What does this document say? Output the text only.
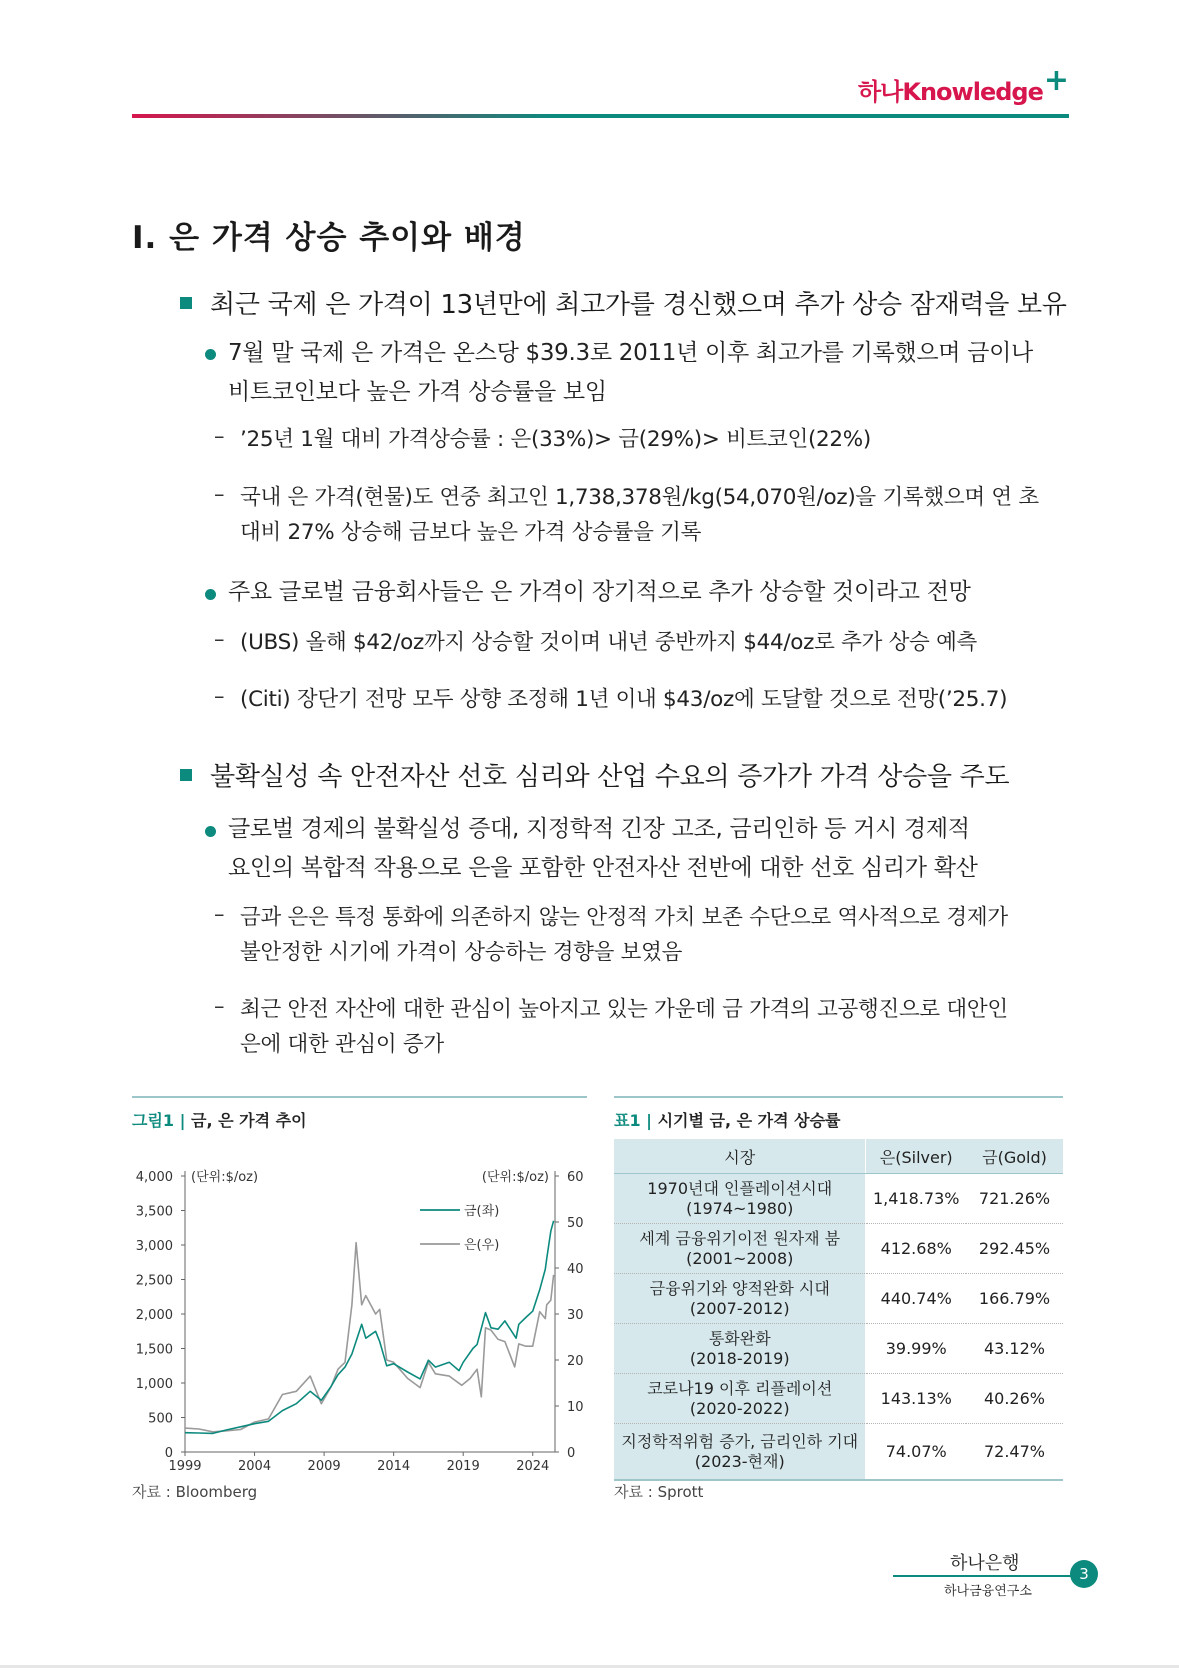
하나Knowledge+
I. 은 가격 상승 추이와 배경
최근 국제 은 가격이 13년만에 최고가를 경신했으며 추가 상승 잠재력을 보유
7월 말 국제 은 가격은 온스당 $39.3로 2011년 이후 최고가를 기록했으며 금이나
비트코인보다 높은 가격 상승률을 보임
– ’25년 1월 대비 가격상승률 : 은(33%)> 금(29%)> 비트코인(22%)
– 국내 은 가격(현물)도 연중 최고인 1,738,378원/kg(54,070원/oz)을 기록했으며 연 초
대비 27% 상승해 금보다 높은 가격 상승률을 기록
주요 글로벌 금융회사들은 은 가격이 장기적으로 추가 상승할 것이라고 전망
– (UBS) 올해 $42/oz까지 상승할 것이며 내년 중반까지 $44/oz로 추가 상승 예측
– (Citi) 장단기 전망 모두 상향 조정해 1년 이내 $43/oz에 도달할 것으로 전망(’25.7)
불확실성 속 안전자산 선호 심리와 산업 수요의 증가가 가격 상승을 주도
글로벌 경제의 불확실성 증대, 지정학적 긴장 고조, 금리인하 등 거시 경제적
요인의 복합적 작용으로 은을 포함한 안전자산 전반에 대한 선호 심리가 확산
– 금과 은은 특정 통화에 의존하지 않는 안정적 가치 보존 수단으로 역사적으로 경제가
불안정한 시기에 가격이 상승하는 경향을 보였음
– 최근 안전 자산에 대한 관심이 높아지고 있는 가운데 금 가격의 고공행진으로 대안인
은에 대한 관심이 증가
그림1 | 금, 은 가격 추이
4,000
3,500
3,000
2,500
2,000
1,500
1,000
500
0
60
50
40
30
20
10
0
1999	2004	2009	2014	2019	2024
(단위:$/oz)	(단위:$/oz)
금(좌)
은(우)
자료 : Bloomberg
표1 | 시기별 금, 은 가격 상승률
시장	은(Silver)	금(Gold)
1970년대 인플레이션시대
(1974~1980)	1,418.73%	721.26%
세계 금융위기이전 원자재 붐
(2001~2008)	412.68%	292.45%
금융위기와 양적완화 시대
(2007-2012)	440.74%	166.79%
통화완화
(2018-2019)	39.99%	43.12%
코로나19 이후 리플레이션
(2020-2022)	143.13%	40.26%
지정학적위험 증가, 금리인하 기대
(2023-현재)	74.07%	72.47%
자료 : Sprott
하나은행
하나금융연구소
3
